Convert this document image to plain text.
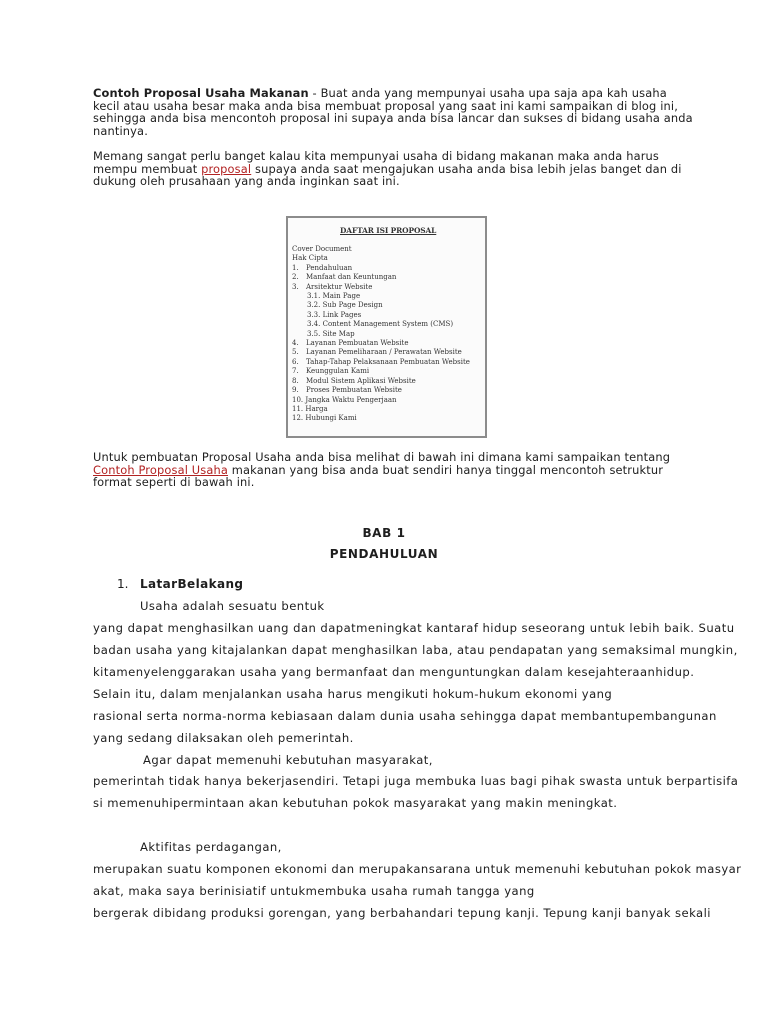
Contoh Proposal Usaha Makanan - Buat anda yang mempunyai usaha upa saja apa kah usaha kecil atau usaha besar maka anda bisa membuat proposal yang saat ini kami sampaikan di blog ini, sehingga anda bisa mencontoh proposal ini supaya anda bisa lancar dan sukses di bidang usaha anda nantinya.

Memang sangat perlu banget kalau kita mempunyai usaha di bidang makanan maka anda harus mempu membuat proposal supaya anda saat mengajukan usaha anda bisa lebih jelas banget dan di dukung oleh prusahaan yang anda inginkan saat ini.

DAFTAR ISI PROPOSAL
Cover Document
Hak Cipta
1. Pendahuluan
2. Manfaat dan Keuntungan
3. Arsitektur Website
3.1. Main Page
3.2. Sub Page Design
3.3. Link Pages
3.4. Content Management System (CMS)
3.5. Site Map
4. Layanan Pembuatan Website
5. Layanan Pemeliharaan / Perawatan Website
6. Tahap-Tahap Pelaksanaan Pembuatan Website
7. Keunggulan Kami
8. Modul Sistem Aplikasi Website
9. Proses Pembuatan Website
10. Jangka Waktu Pengerjaan
11. Harga
12. Hubungi Kami

Untuk pembuatan Proposal Usaha anda bisa melihat di bawah ini dimana kami sampaikan tentang Contoh Proposal Usaha makanan yang bisa anda buat sendiri hanya tinggal mencontoh setruktur format seperti di bawah ini.

BAB 1
PENDAHULUAN
1. LatarBelakang
Usaha adalah sesuatu bentuk
yang dapat menghasilkan uang dan dapatmeningkat kantaraf hidup seseorang untuk lebih baik. Suatu
badan usaha yang kitajalankan dapat menghasilkan laba, atau pendapatan yang semaksimal mungkin,
kitamenyelenggarakan usaha yang bermanfaat dan menguntungkan dalam kesejahteraanhidup.
Selain itu, dalam menjalankan usaha harus mengikuti hokum-hukum ekonomi yang
rasional serta norma-norma kebiasaan dalam dunia usaha sehingga dapat membantupembangunan
yang sedang dilaksakan oleh pemerintah.
Agar dapat memenuhi kebutuhan masyarakat,
pemerintah tidak hanya bekerjasendiri. Tetapi juga membuka luas bagi pihak swasta untuk berpartisifa
si memenuhipermintaan akan kebutuhan pokok masyarakat yang makin meningkat.
Aktifitas perdagangan,
merupakan suatu komponen ekonomi dan merupakansarana untuk memenuhi kebutuhan pokok masyar
akat, maka saya berinisiatif untukmembuka usaha rumah tangga yang
bergerak dibidang produksi gorengan, yang berbahandari tepung kanji. Tepung kanji banyak sekali
